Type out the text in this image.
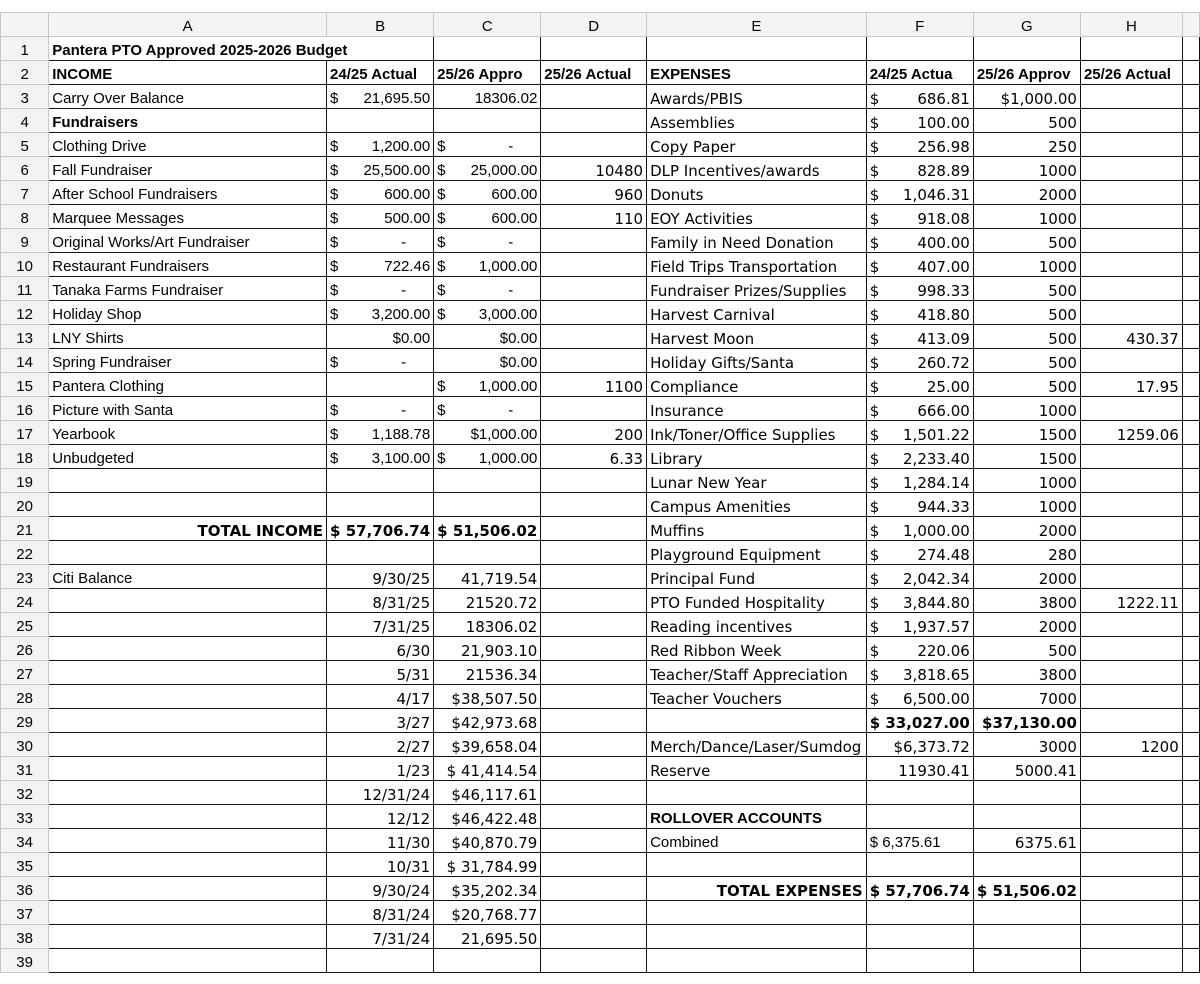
	A	B	C	D	E	F	G	H	
1	Pantera PTO Approved 2025-2026 Budget								
2	INCOME	24/25 Actual	25/26 Appro	25/26 Actual	EXPENSES	24/25 Actua	25/26 Approv	25/26 Actual	
3	Carry Over Balance	$ 21,695.50	18306.02		Awards/PBIS	$ 686.81	$1,000.00		
4	Fundraisers				Assemblies	$ 100.00	500		
5	Clothing Drive	$ 1,200.00	$ -		Copy Paper	$ 256.98	250		
6	Fall Fundraiser	$ 25,500.00	$ 25,000.00	10480	DLP Incentives/awards	$ 828.89	1000		
7	After School Fundraisers	$ 600.00	$ 600.00	960	Donuts	$ 1,046.31	2000		
8	Marquee Messages	$ 500.00	$ 600.00	110	EOY Activities	$ 918.08	1000		
9	Original Works/Art Fundraiser	$ -	$ -		Family in Need Donation	$ 400.00	500		
10	Restaurant Fundraisers	$ 722.46	$ 1,000.00		Field Trips Transportation	$ 407.00	1000		
11	Tanaka Farms Fundraiser	$ -	$ -		Fundraiser Prizes/Supplies	$ 998.33	500		
12	Holiday Shop	$ 3,200.00	$ 3,000.00		Harvest Carnival	$ 418.80	500		
13	LNY Shirts	$0.00	$0.00		Harvest Moon	$ 413.09	500	430.37	
14	Spring Fundraiser	$ -	$0.00		Holiday Gifts/Santa	$ 260.72	500		
15	Pantera Clothing		$ 1,000.00	1100	Compliance	$ 25.00	500	17.95	
16	Picture with Santa	$ -	$ -		Insurance	$ 666.00	1000		
17	Yearbook	$ 1,188.78	$1,000.00	200	Ink/Toner/Office Supplies	$ 1,501.22	1500	1259.06	
18	Unbudgeted	$ 3,100.00	$ 1,000.00	6.33	Library	$ 2,233.40	1500		
19					Lunar New Year	$ 1,284.14	1000		
20					Campus Amenities	$ 944.33	1000		
21	TOTAL INCOME	$ 57,706.74	$ 51,506.02		Muffins	$ 1,000.00	2000		
22					Playground Equipment	$ 274.48	280		
23	Citi Balance	9/30/25	41,719.54		Principal Fund	$ 2,042.34	2000		
24		8/31/25	21520.72		PTO Funded Hospitality	$ 3,844.80	3800	1222.11	
25		7/31/25	18306.02		Reading incentives	$ 1,937.57	2000		
26		6/30	21,903.10		Red Ribbon Week	$ 220.06	500		
27		5/31	21536.34		Teacher/Staff Appreciation	$ 3,818.65	3800		
28		4/17	$38,507.50		Teacher Vouchers	$ 6,500.00	7000		
29		3/27	$42,973.68			$ 33,027.00	$37,130.00		
30		2/27	$39,658.04		Merch/Dance/Laser/Sumdog	$6,373.72	3000	1200	
31		1/23	$ 41,414.54		Reserve	11930.41	5000.41		
32		12/31/24	$46,117.61						
33		12/12	$46,422.48		ROLLOVER ACCOUNTS				
34		11/30	$40,870.79		Combined	$ 6,375.61	6375.61		
35		10/31	$ 31,784.99						
36		9/30/24	$35,202.34		TOTAL EXPENSES	$ 57,706.74	$ 51,506.02		
37		8/31/24	$20,768.77						
38		7/31/24	21,695.50						
39									
